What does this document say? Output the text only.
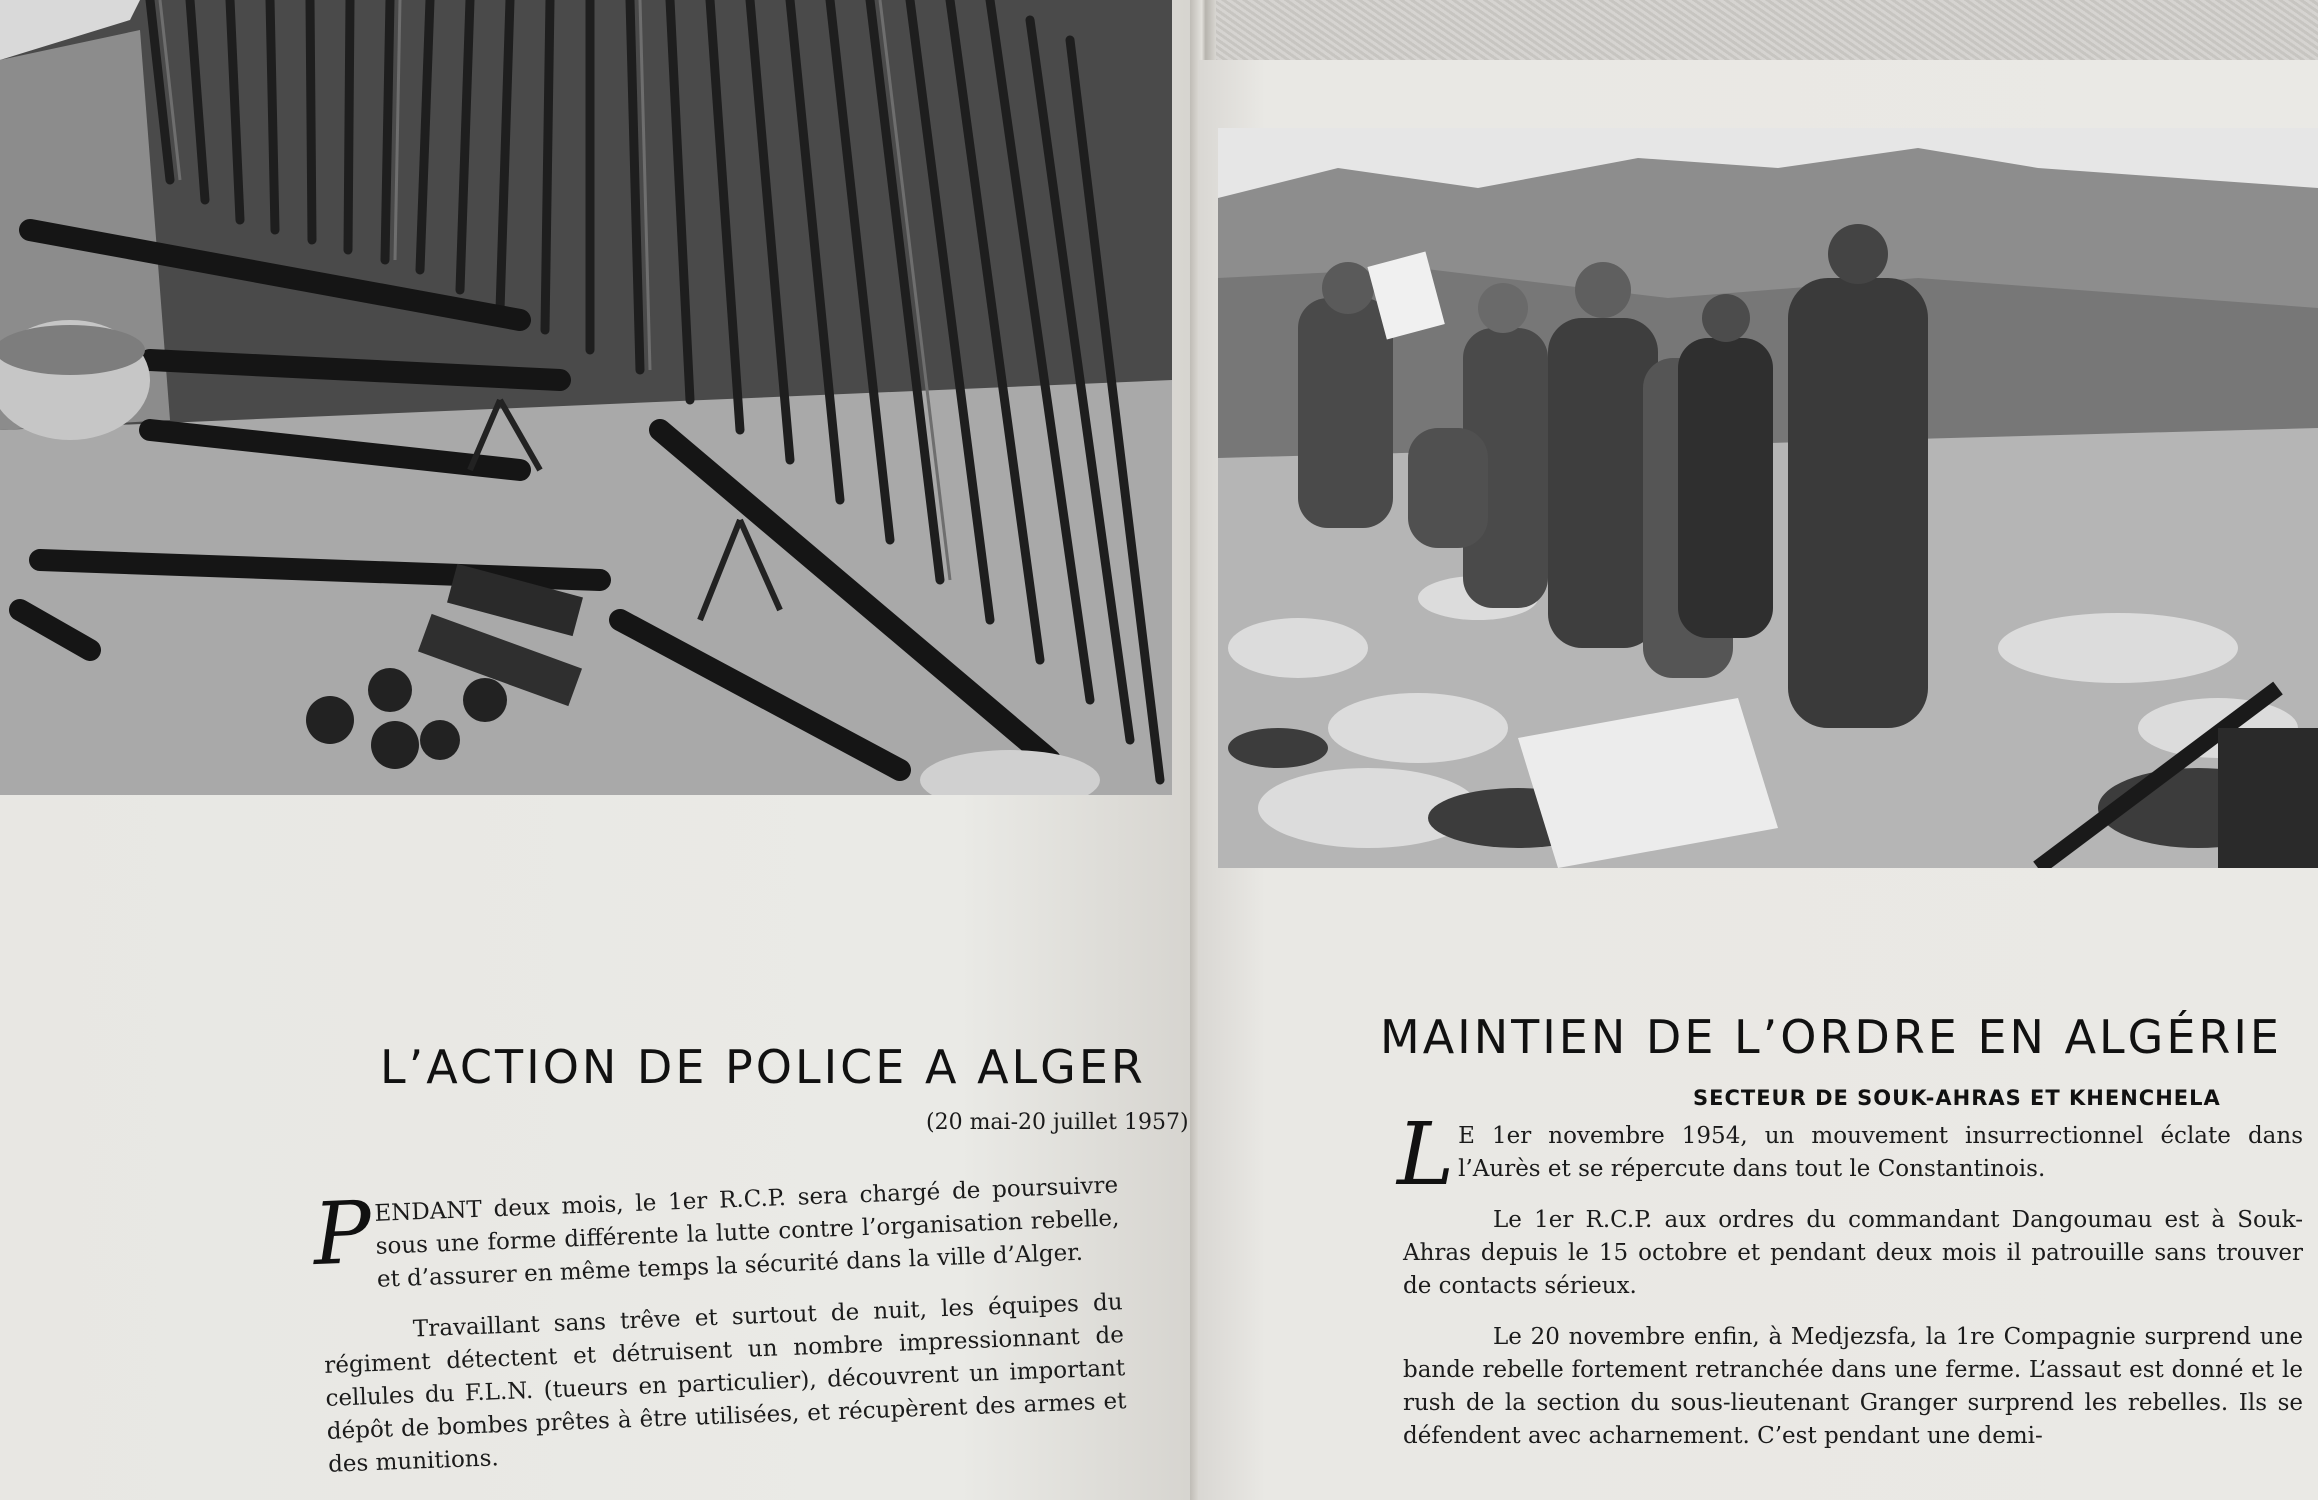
L’ACTION DE POLICE A ALGER
(20 mai-20 juillet 1957)

PENDANT deux mois, le 1er R.C.P. sera chargé de poursuivre sous une forme différente la lutte contre l’organisation rebelle, et d’assurer en même temps la sécurité dans la ville d’Alger.

Travaillant sans trêve et surtout de nuit, les équipes du régiment détectent et détruisent un nombre impressionnant de cellules du F.L.N. (tueurs en particulier), découvrent un important dépôt de bombes prêtes à être utilisées, et récupèrent des armes et des munitions.

MAINTIEN DE L’ORDRE EN ALGÉRIE
SECTEUR DE SOUK-AHRAS ET KHENCHELA

L E 1er novembre 1954, un mouvement insurrectionnel éclate dans l’Aurès et se répercute dans tout le Constantinois.

Le 1er R.C.P. aux ordres du commandant Dangoumau est à Souk-Ahras depuis le 15 octobre et pendant deux mois il patrouille sans trouver de contacts sérieux.

Le 20 novembre enfin, à Medjezsfa, la 1re Compagnie surprend une bande rebelle fortement retranchée dans une ferme. L’assaut est donné et le rush de la section du sous-lieutenant Granger surprend les rebelles. Ils se défendent avec acharnement. C’est pendant une demi-
